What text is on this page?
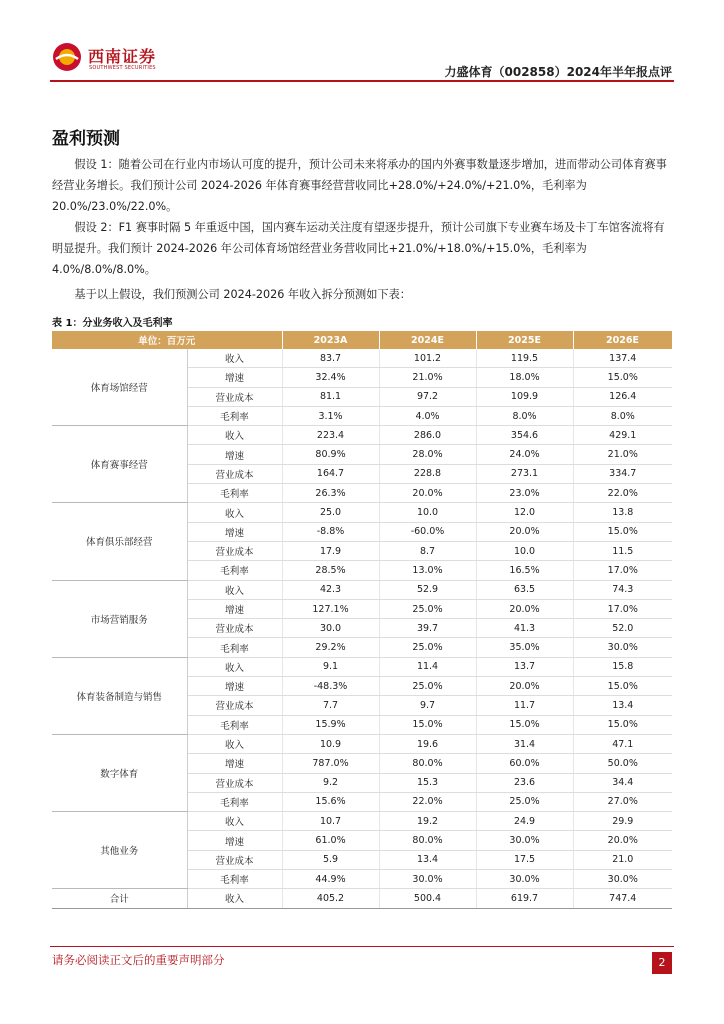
西南证券
SOUTHWEST SECURITIES	力盛体育（002858）2024年半年报点评
盈利预测

假设 1：随着公司在行业内市场认可度的提升，预计公司未来将承办的国内外赛事数量逐步增加，进而带动公司体育赛事经营业务增长。我们预计公司 2024-2026 年体育赛事经营营收同比+28.0%/+24.0%/+21.0%，毛利率为 20.0%/23.0%/22.0%。

假设 2：F1 赛事时隔 5 年重返中国，国内赛车运动关注度有望逐步提升，预计公司旗下专业赛车场及卡丁车馆客流将有明显提升。我们预计 2024-2026 年公司体育场馆经营业务营收同比+21.0%/+18.0%/+15.0%，毛利率为 4.0%/8.0%/8.0%。

基于以上假设，我们预测公司 2024-2026 年收入拆分预测如下表：

表 1：分业务收入及毛利率
单位：百万元		2023A	2024E	2025E	2026E
体育场馆经营	收入	83.7	101.2	119.5	137.4
	增速	32.4%	21.0%	18.0%	15.0%
	营业成本	81.1	97.2	109.9	126.4
	毛利率	3.1%	4.0%	8.0%	8.0%
体育赛事经营	收入	223.4	286.0	354.6	429.1
	增速	80.9%	28.0%	24.0%	21.0%
	营业成本	164.7	228.8	273.1	334.7
	毛利率	26.3%	20.0%	23.0%	22.0%
体育俱乐部经营	收入	25.0	10.0	12.0	13.8
	增速	-8.8%	-60.0%	20.0%	15.0%
	营业成本	17.9	8.7	10.0	11.5
	毛利率	28.5%	13.0%	16.5%	17.0%
市场营销服务	收入	42.3	52.9	63.5	74.3
	增速	127.1%	25.0%	20.0%	17.0%
	营业成本	30.0	39.7	41.3	52.0
	毛利率	29.2%	25.0%	35.0%	30.0%
体育装备制造与销售	收入	9.1	11.4	13.7	15.8
	增速	-48.3%	25.0%	20.0%	15.0%
	营业成本	7.7	9.7	11.7	13.4
	毛利率	15.9%	15.0%	15.0%	15.0%
数字体育	收入	10.9	19.6	31.4	47.1
	增速	787.0%	80.0%	60.0%	50.0%
	营业成本	9.2	15.3	23.6	34.4
	毛利率	15.6%	22.0%	25.0%	27.0%
其他业务	收入	10.7	19.2	24.9	29.9
	增速	61.0%	80.0%	30.0%	20.0%
	营业成本	5.9	13.4	17.5	21.0
	毛利率	44.9%	30.0%	30.0%	30.0%
合计	收入	405.2	500.4	619.7	747.4
请务必阅读正文后的重要声明部分	2
